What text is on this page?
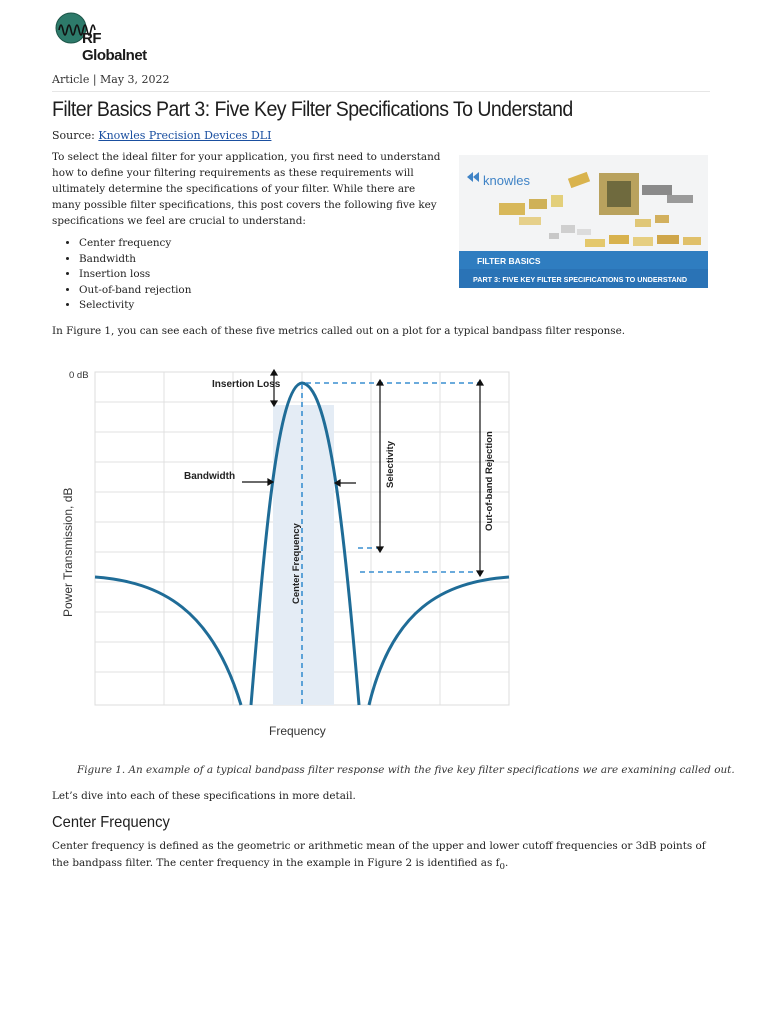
RF Globalnet
Article | May 3, 2022
Filter Basics Part 3: Five Key Filter Specifications To Understand
Source: Knowles Precision Devices DLI

To select the ideal filter for your application, you first need to understand how to define your filtering requirements as these requirements will ultimately determine the specifications of your filter. While there are many possible filter specifications, this post covers the following five key specifications we feel are crucial to understand:

• Center frequency
• Bandwidth
• Insertion loss
• Out-of-band rejection
• Selectivity
knowles
FILTER BASICS
PART 3: FIVE KEY FILTER SPECIFICATIONS TO UNDERSTAND
In Figure 1, you can see each of these five metrics called out on a plot for a typical bandpass filter response.
0 dB
Insertion Loss
Bandwidth
Center Frequency
Selectivity	Out-of-band Rejection
Power Transmission, dB
Frequency
Figure 1. An example of a typical bandpass filter response with the five key filter specifications we are examining called out.
Let’s dive into each of these specifications in more detail.
Center Frequency

Center frequency is defined as the geometric or arithmetic mean of the upper and lower cutoff frequencies or 3dB points of the bandpass filter. The center frequency in the example in Figure 2 is identified as $f_0$.
